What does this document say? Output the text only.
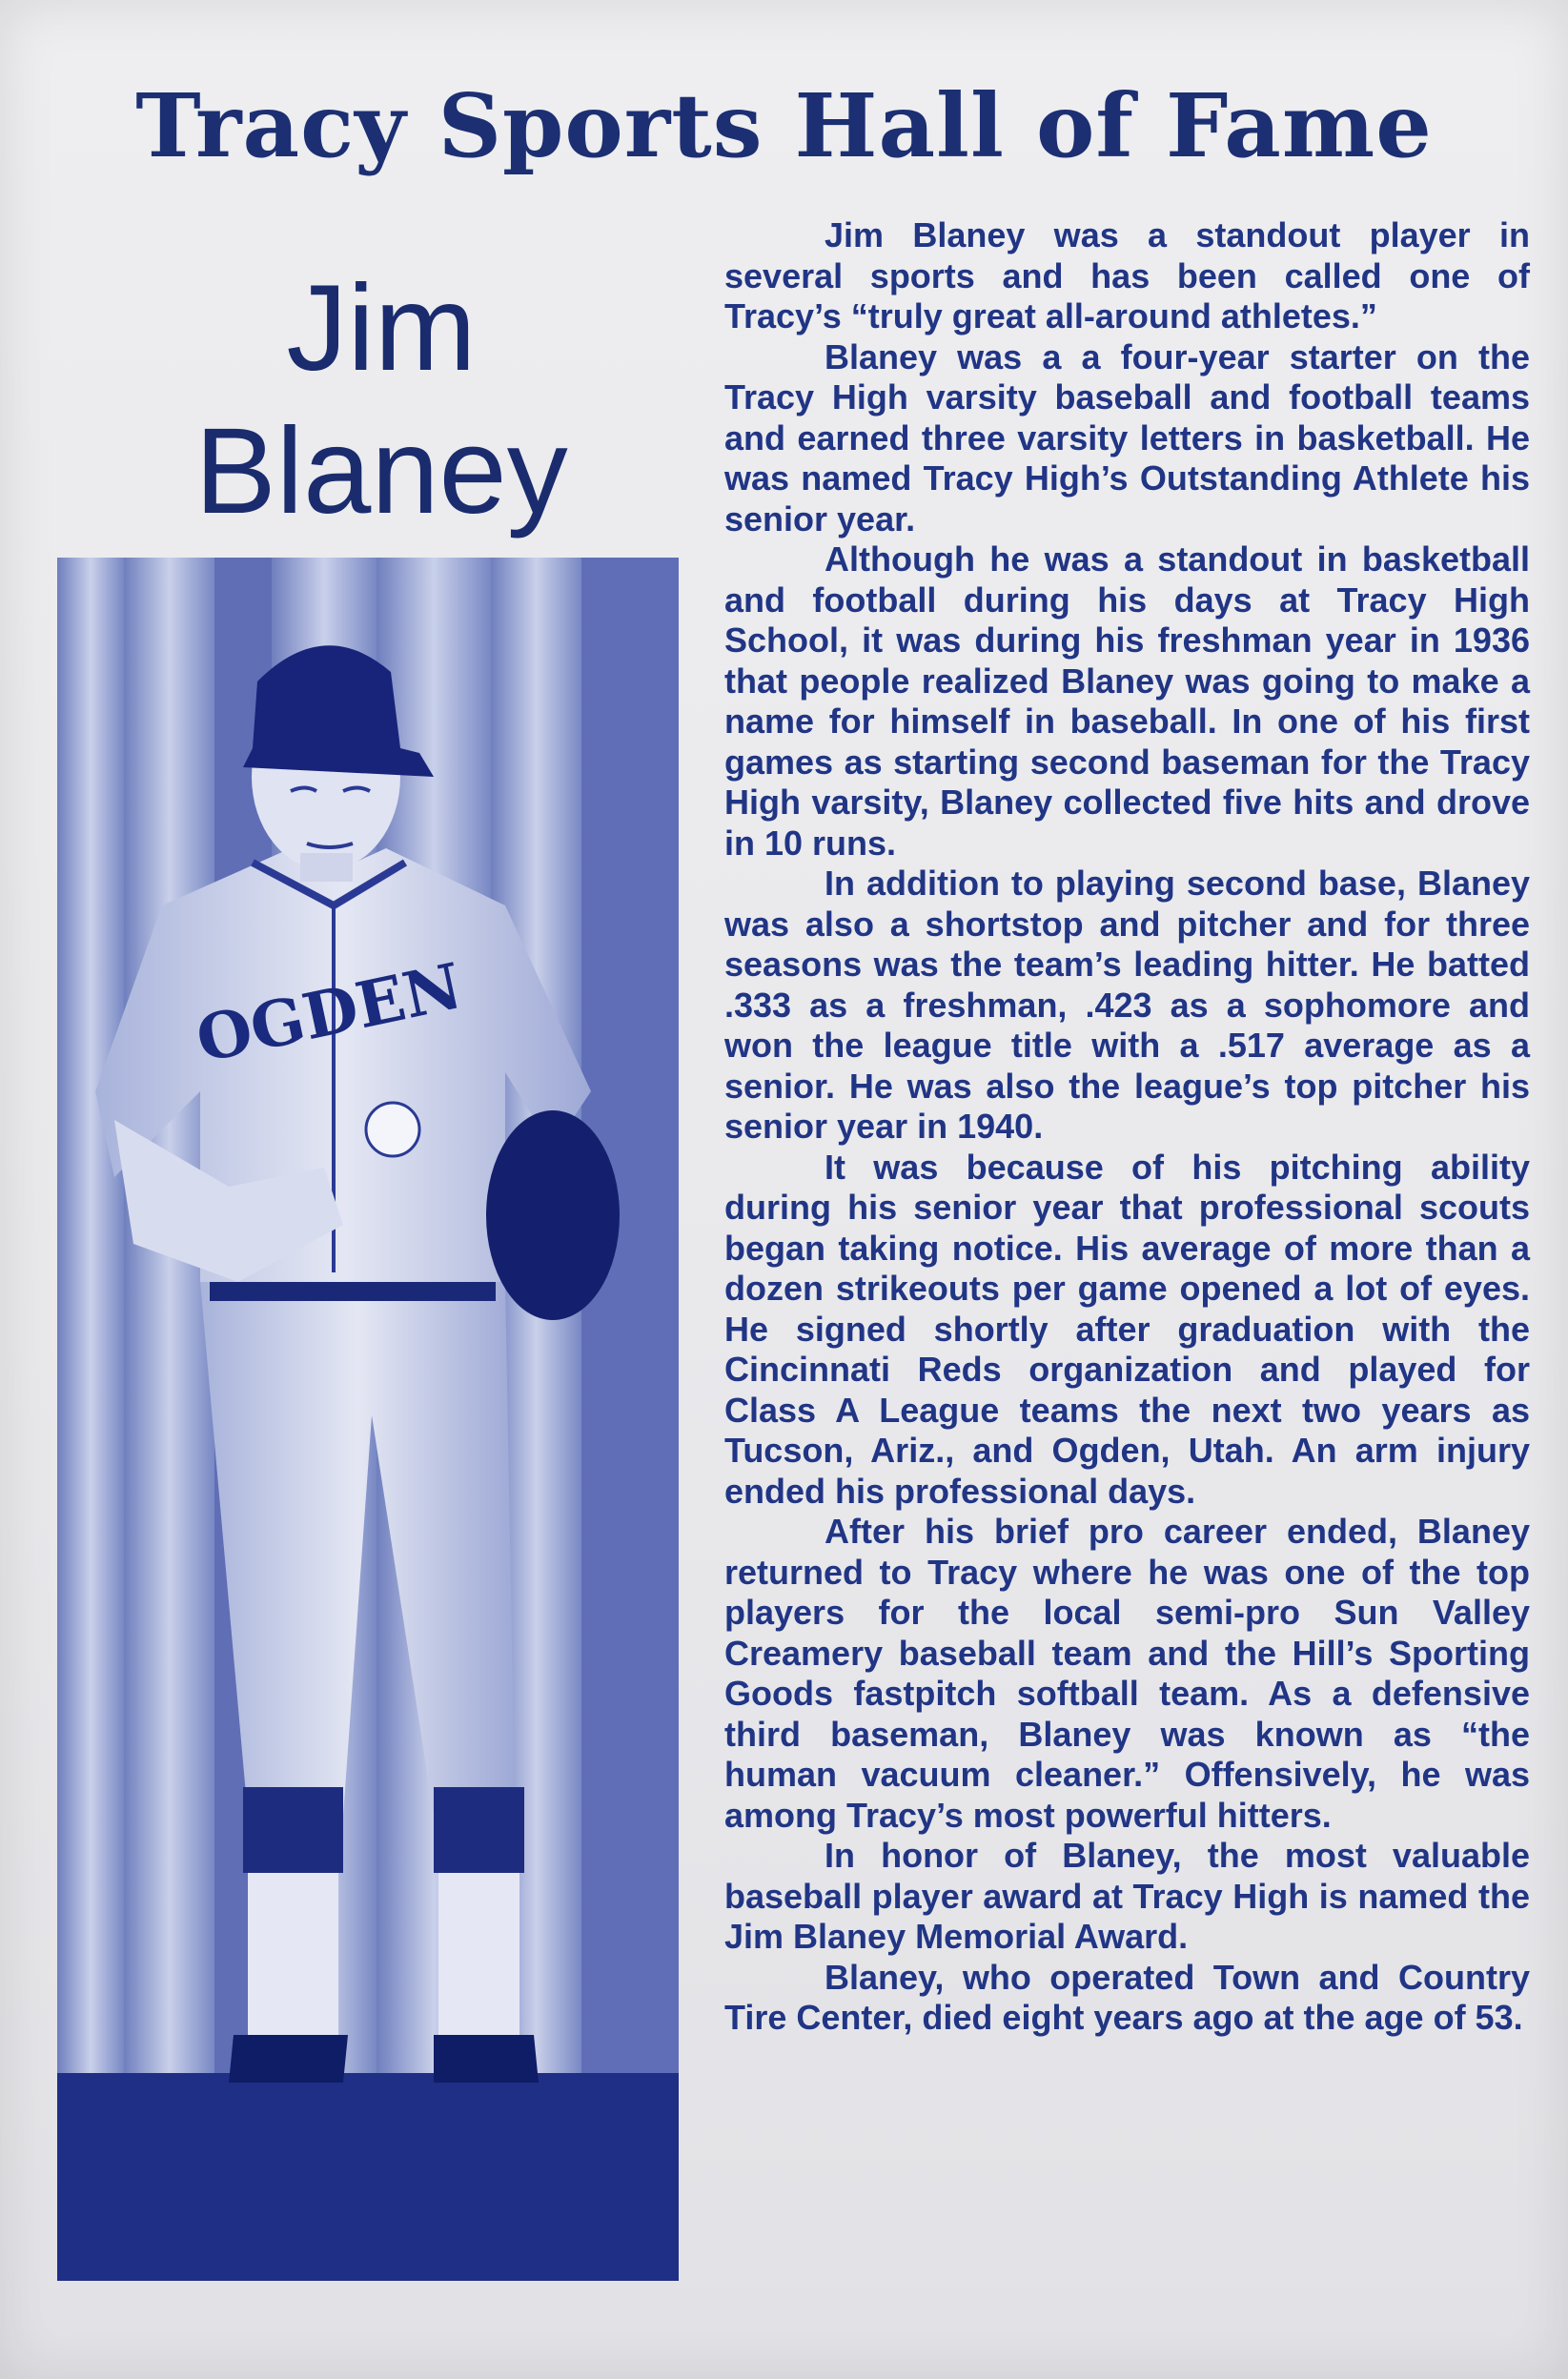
Tracy Sports Hall of Fame
Jim
Blaney
OGDEN

Jim Blaney was a standout player in several sports and has been called one of Tracy’s “truly great all-around athletes.”

Blaney was a a four-year starter on the Tracy High varsity baseball and football teams and earned three varsity letters in basketball. He was named Tracy High’s Outstanding Athlete his senior year.

Although he was a standout in basketball and football during his days at Tracy High School, it was during his freshman year in 1936 that people realized Blaney was going to make a name for himself in baseball. In one of his first games as starting second baseman for the Tracy High varsity, Blaney collected five hits and drove in 10 runs.

In addition to playing second base, Blaney was also a shortstop and pitcher and for three seasons was the team’s leading hitter. He batted .333 as a freshman, .423 as a sophomore and won the league title with a .517 average as a senior. He was also the league’s top pitcher his senior year in 1940.

It was because of his pitching ability during his senior year that professional scouts began taking notice. His average of more than a dozen strikeouts per game opened a lot of eyes. He signed shortly after graduation with the Cincinnati Reds organization and played for Class A League teams the next two years as Tucson, Ariz., and Ogden, Utah. An arm injury ended his professional days.

After his brief pro career ended, Blaney returned to Tracy where he was one of the top players for the local semi-pro Sun Valley Creamery baseball team and the Hill’s Sporting Goods fastpitch softball team. As a defensive third baseman, Blaney was known as “the human vacuum cleaner.” Offensively, he was among Tracy’s most powerful hitters.

In honor of Blaney, the most valuable baseball player award at Tracy High is named the Jim Blaney Memorial Award.

Blaney, who operated Town and Country Tire Center, died eight years ago at the age of 53.
